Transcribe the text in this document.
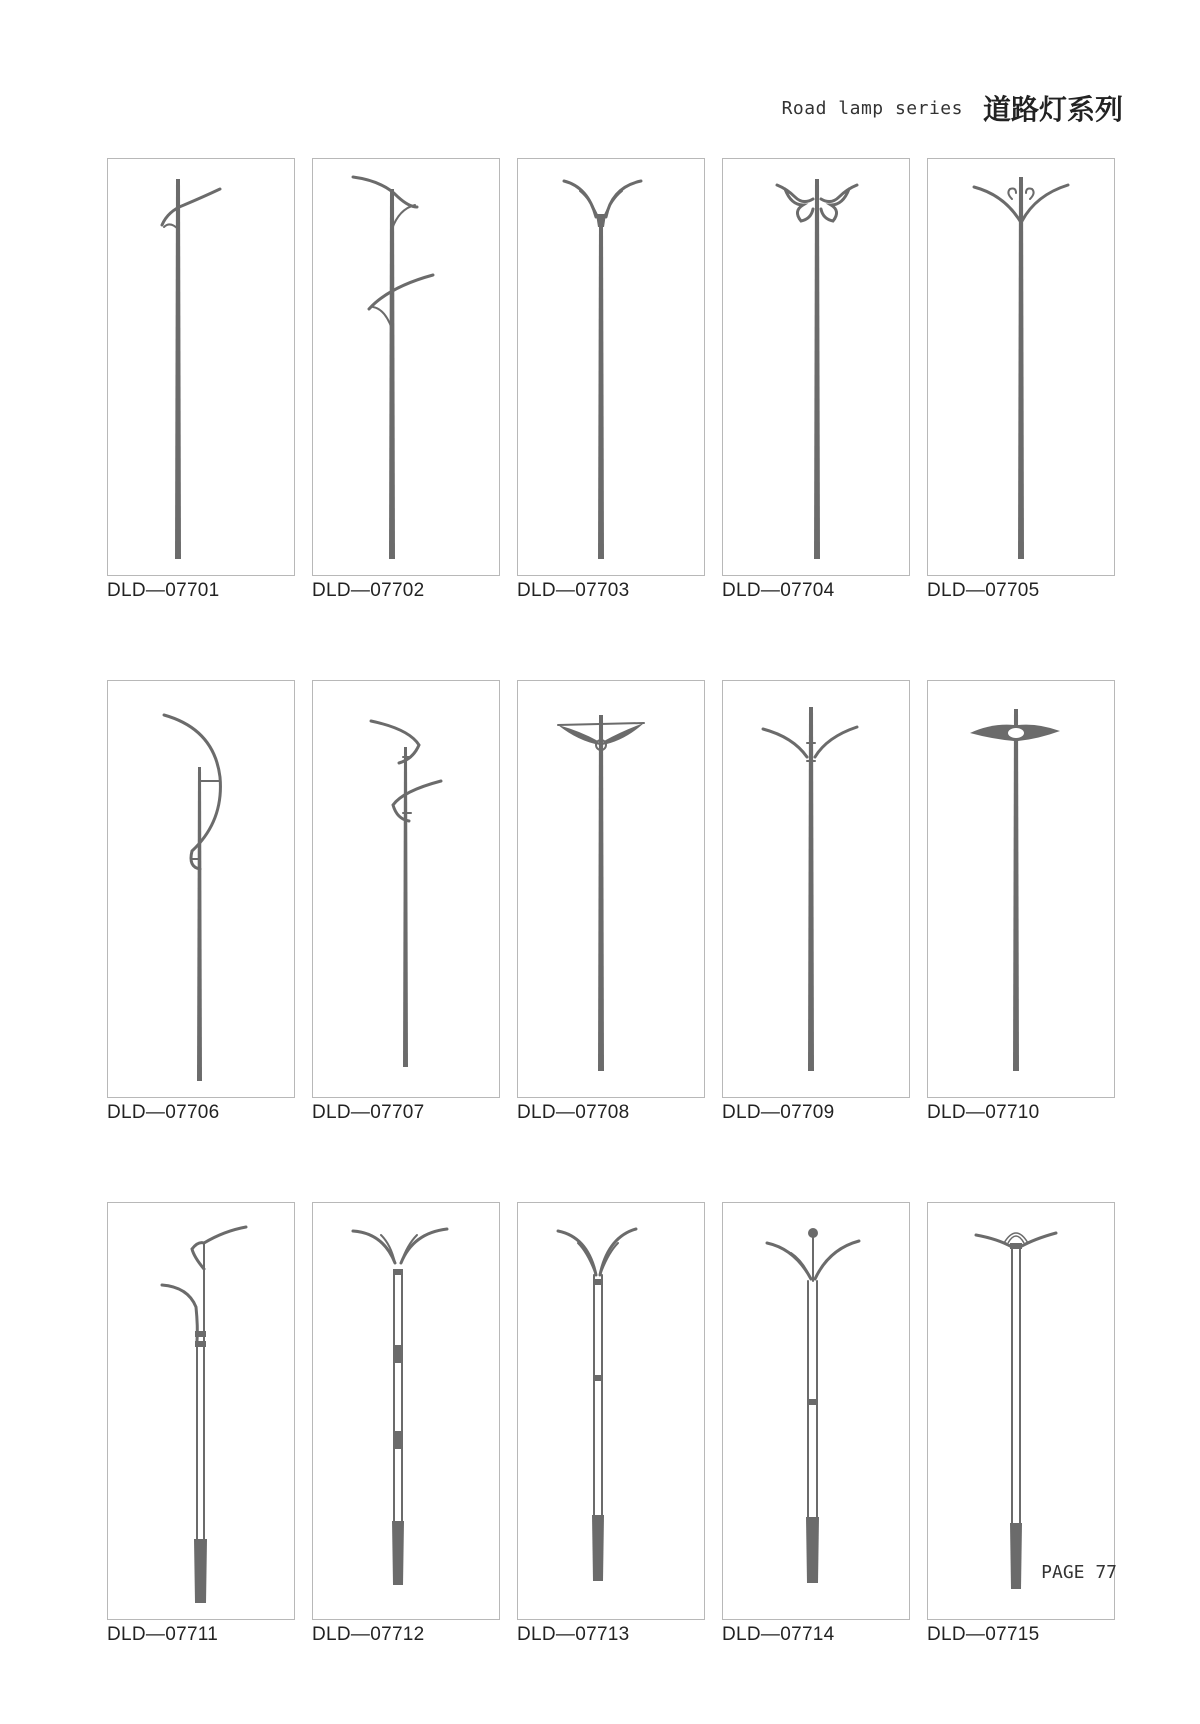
Road lamp series 道路灯系列
DLD—07701	DLD—07702	DLD—07703	DLD—07704	DLD—07705
DLD—07706	DLD—07707	DLD—07708	DLD—07709	DLD—07710
DLD—07711	DLD—07712	DLD—07713	DLD—07714	DLD—07715
PAGE 77
